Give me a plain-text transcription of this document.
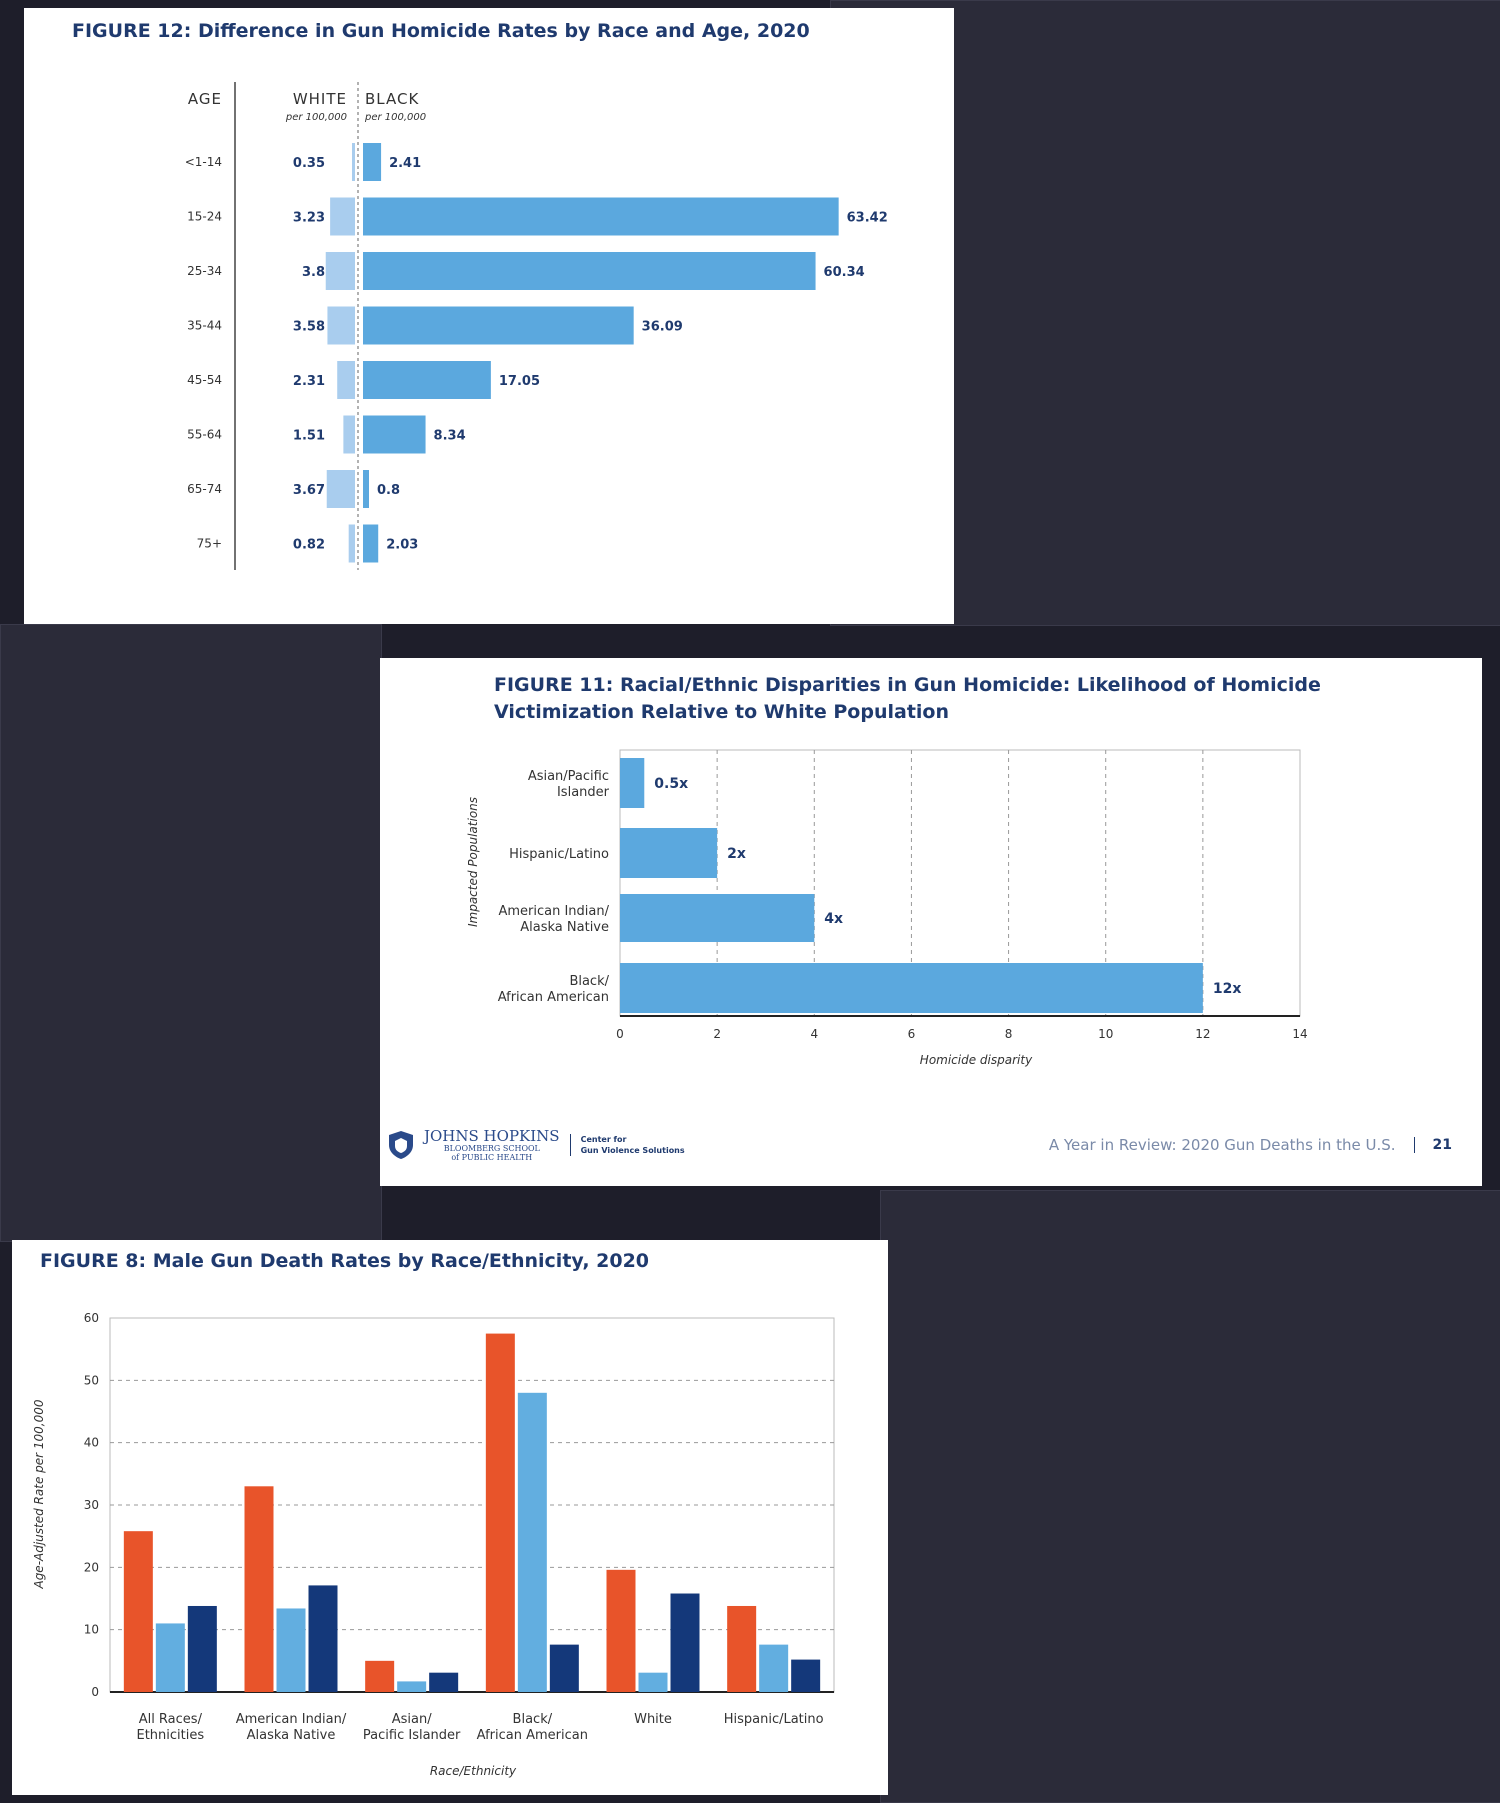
FIGURE 12: Difference in Gun Homicide Rates by Race and Age, 2020
AGE	WHITE
per 100,000
BLACK
per 100,000
<1-14	0.35	2.41
15-24	3.23	63.42
25-34	3.8	60.34
35-44	3.58	36.09
45-54	2.31	17.05
55-64	1.51	8.34
65-74	3.67	0.8
75+	0.82	2.03
FIGURE 11: Racial/Ethnic Disparities in Gun Homicide: Likelihood of Homicide
Victimization Relative to White Population
Impacted Populations
Homicide disparity
0	2	4	6	8	10	12	14
0.5x
Asian/Pacific
Islander
2x
Hispanic/Latino
4x
American Indian/
Alaska Native
12x
Black/
African American
JOHNS HOPKINS
BLOOMBERG SCHOOL
of PUBLIC HEALTH
Center for
Gun Violence Solutions	A Year in Review: 2020 Gun Deaths in the U.S.	21
FIGURE 8: Male Gun Death Rates by Race/Ethnicity, 2020
Age-Adjusted Rate per 100,000
Race/Ethnicity
0
10
20
30
40
50
60
All Races/
Ethnicities
American Indian/
Alaska Native
Asian/
Pacific Islander
Black/
African American
White	Hispanic/Latino
